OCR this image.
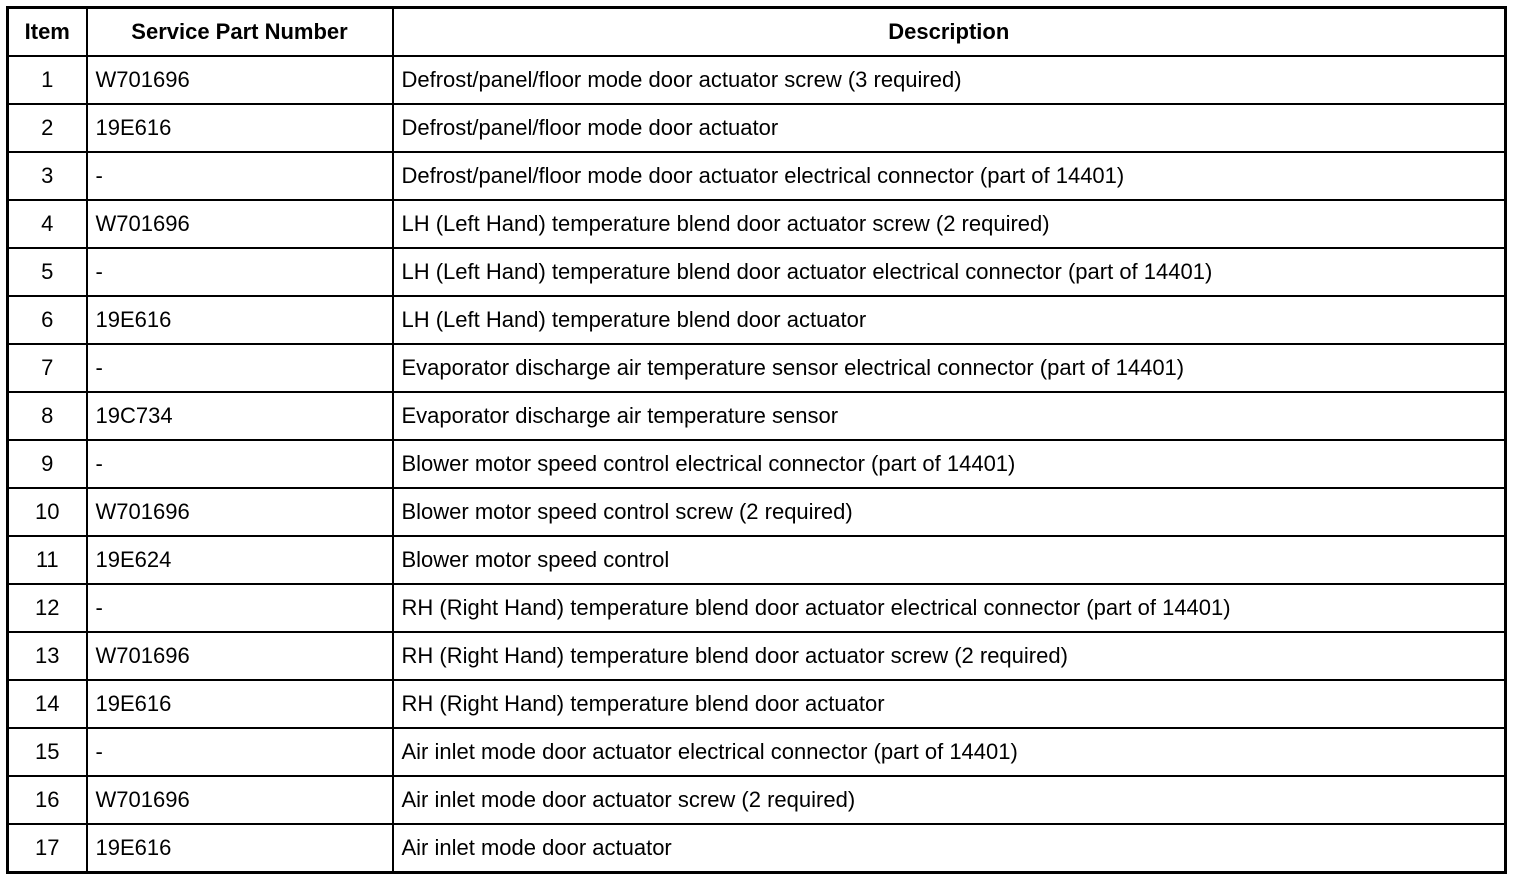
Item	Service Part Number	Description
1	W701696	Defrost/panel/floor mode door actuator screw (3 required)
2	19E616	Defrost/panel/floor mode door actuator
3	-	Defrost/panel/floor mode door actuator electrical connector (part of 14401)
4	W701696	LH (Left Hand) temperature blend door actuator screw (2 required)
5	-	LH (Left Hand) temperature blend door actuator electrical connector (part of 14401)
6	19E616	LH (Left Hand) temperature blend door actuator
7	-	Evaporator discharge air temperature sensor electrical connector (part of 14401)
8	19C734	Evaporator discharge air temperature sensor
9	-	Blower motor speed control electrical connector (part of 14401)
10	W701696	Blower motor speed control screw (2 required)
11	19E624	Blower motor speed control
12	-	RH (Right Hand) temperature blend door actuator electrical connector (part of 14401)
13	W701696	RH (Right Hand) temperature blend door actuator screw (2 required)
14	19E616	RH (Right Hand) temperature blend door actuator
15	-	Air inlet mode door actuator electrical connector (part of 14401)
16	W701696	Air inlet mode door actuator screw (2 required)
17	19E616	Air inlet mode door actuator
